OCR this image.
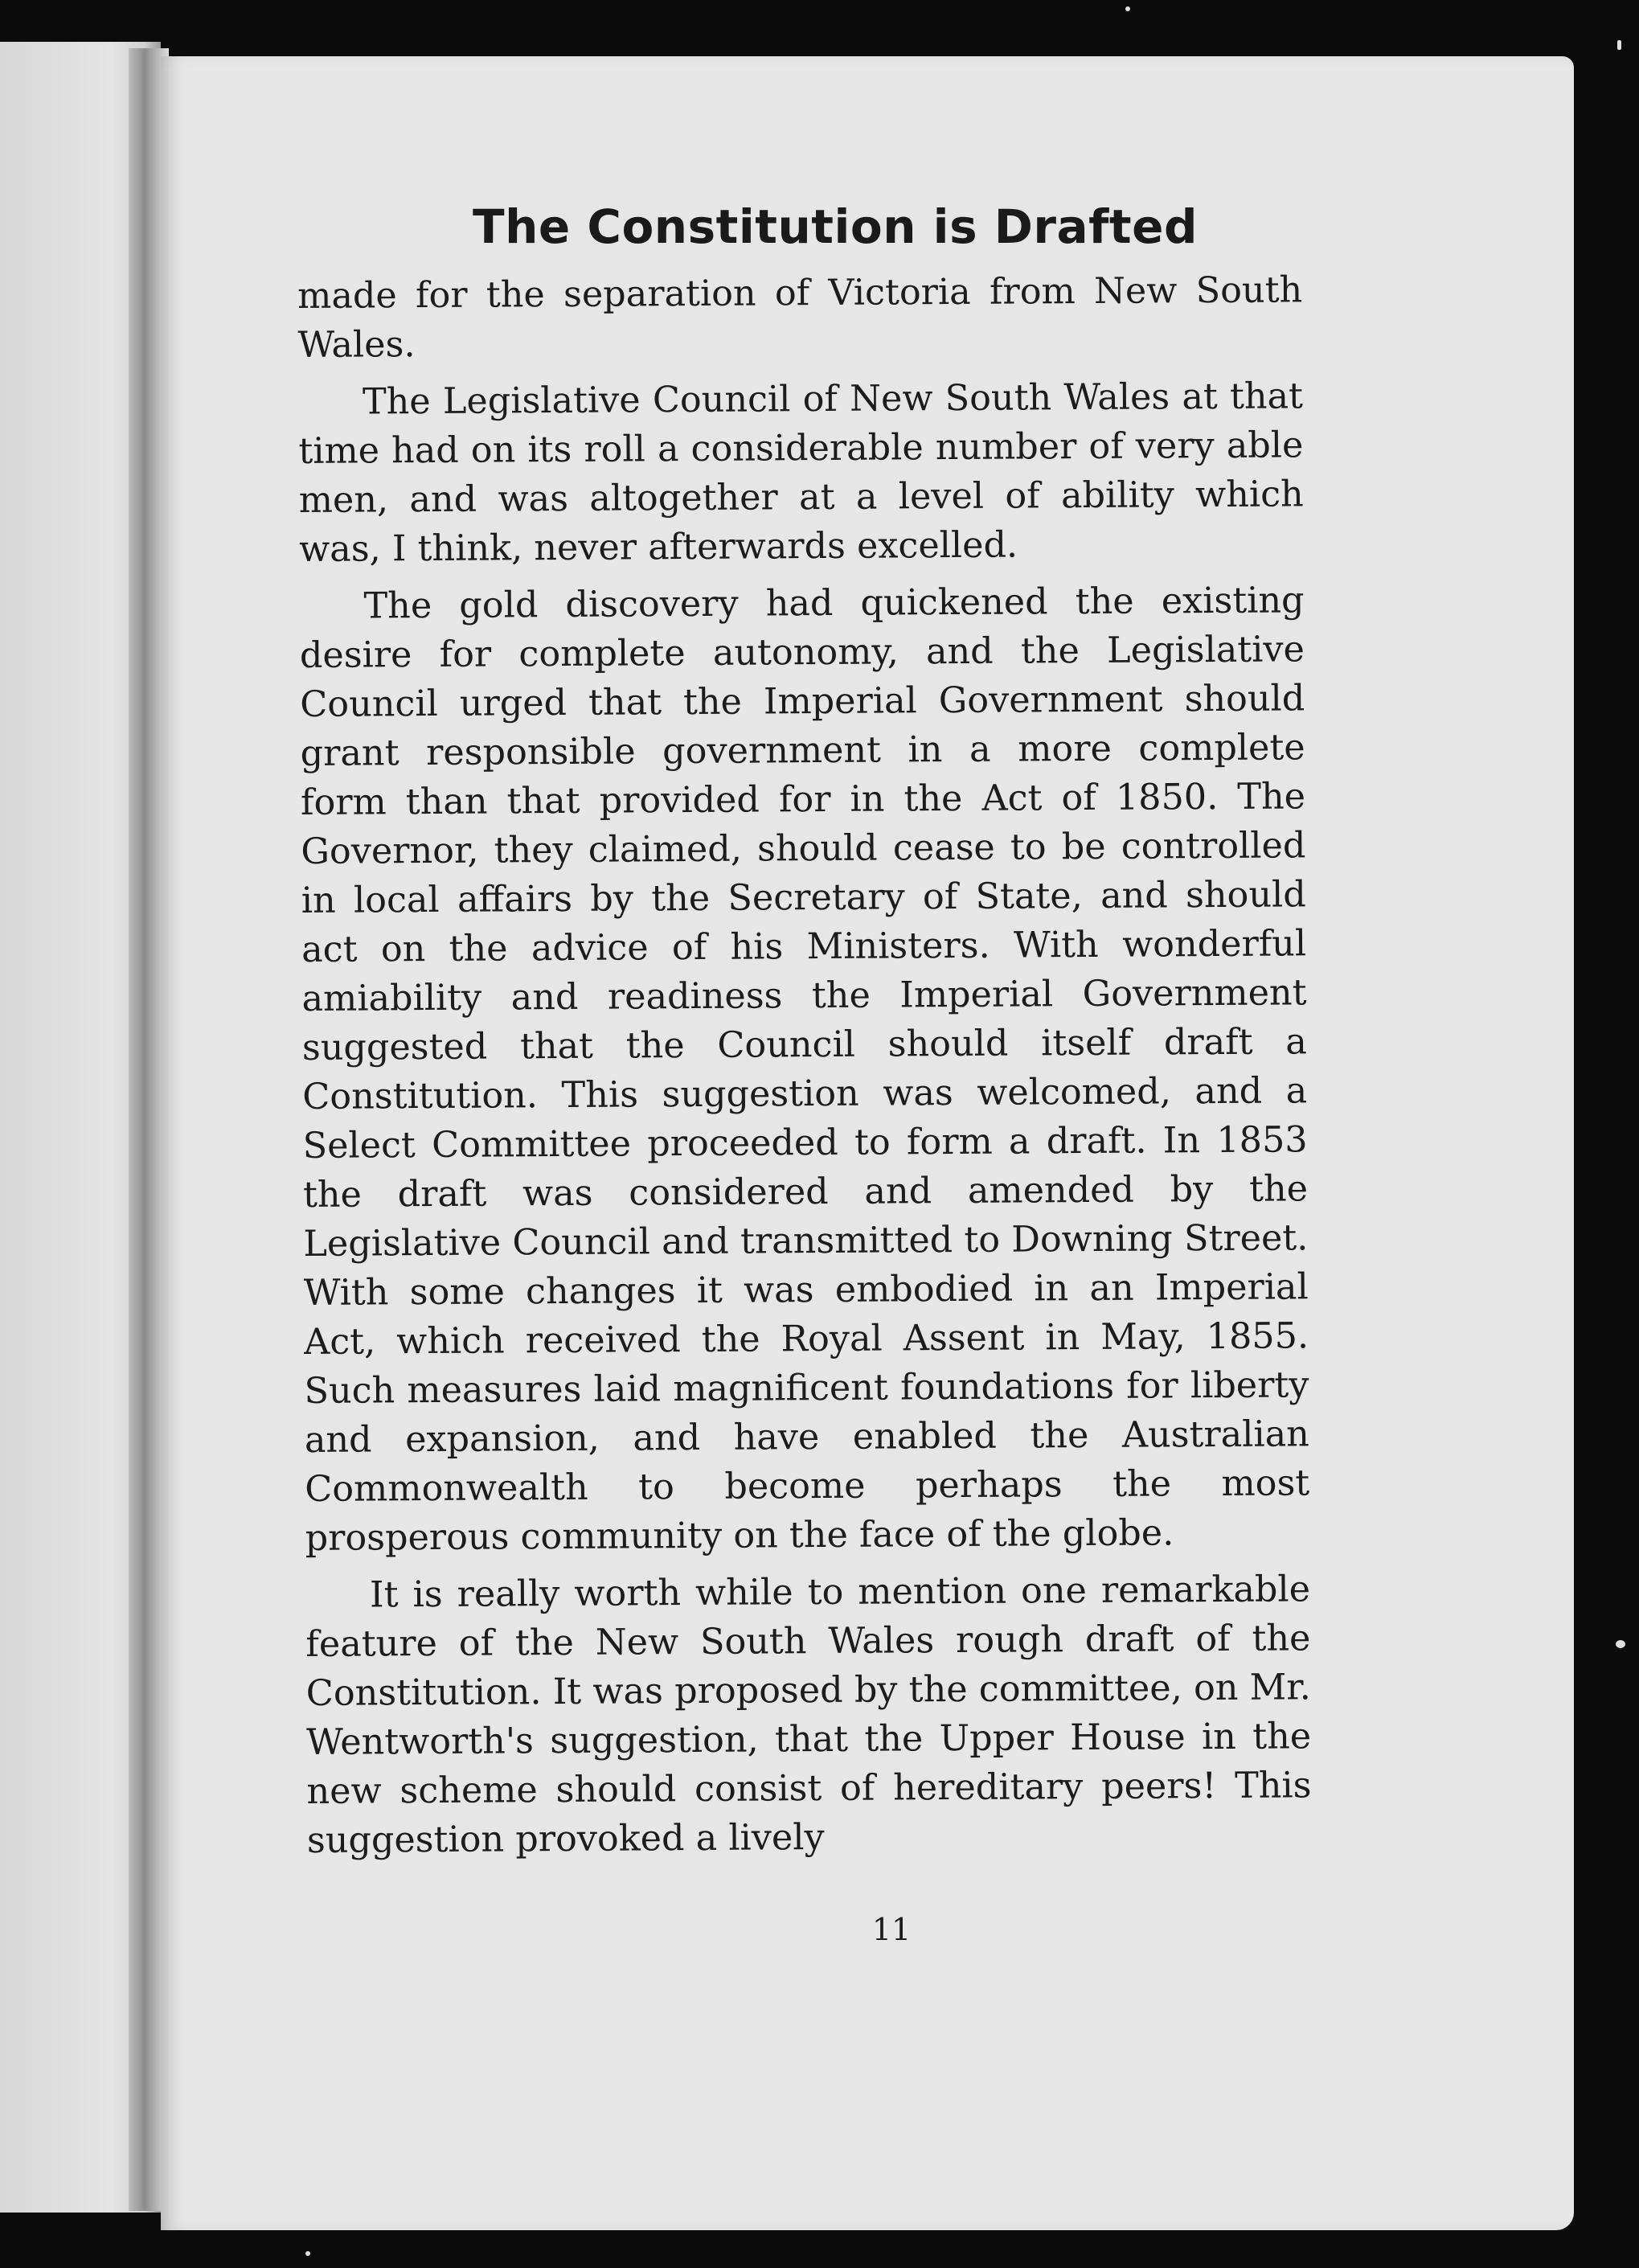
The Constitution is Drafted

made for the separation of Victoria from New South Wales.

The Legislative Council of New South Wales at that time had on its roll a considerable number of very able men, and was altogether at a level of ability which was, I think, never afterwards excelled.

The gold discovery had quickened the existing desire for complete autonomy, and the Legislative Council urged that the Imperial Government should grant responsible government in a more complete form than that provided for in the Act of 1850. The Governor, they claimed, should cease to be controlled in local affairs by the Secretary of State, and should act on the advice of his Ministers. With wonderful amiability and readiness the Imperial Government suggested that the Council should itself draft a Constitution. This suggestion was welcomed, and a Select Committee proceeded to form a draft. In 1853 the draft was considered and amended by the Legislative Council and transmitted to Downing Street. With some changes it was embodied in an Imperial Act, which received the Royal Assent in May, 1855. Such measures laid magnificent foundations for liberty and expansion, and have enabled the Australian Commonwealth to become perhaps the most prosperous community on the face of the globe.

It is really worth while to mention one remarkable feature of the New South Wales rough draft of the Constitution. It was proposed by the committee, on Mr. Wentworth's suggestion, that the Upper House in the new scheme should consist of hereditary peers! This suggestion provoked a lively

11
